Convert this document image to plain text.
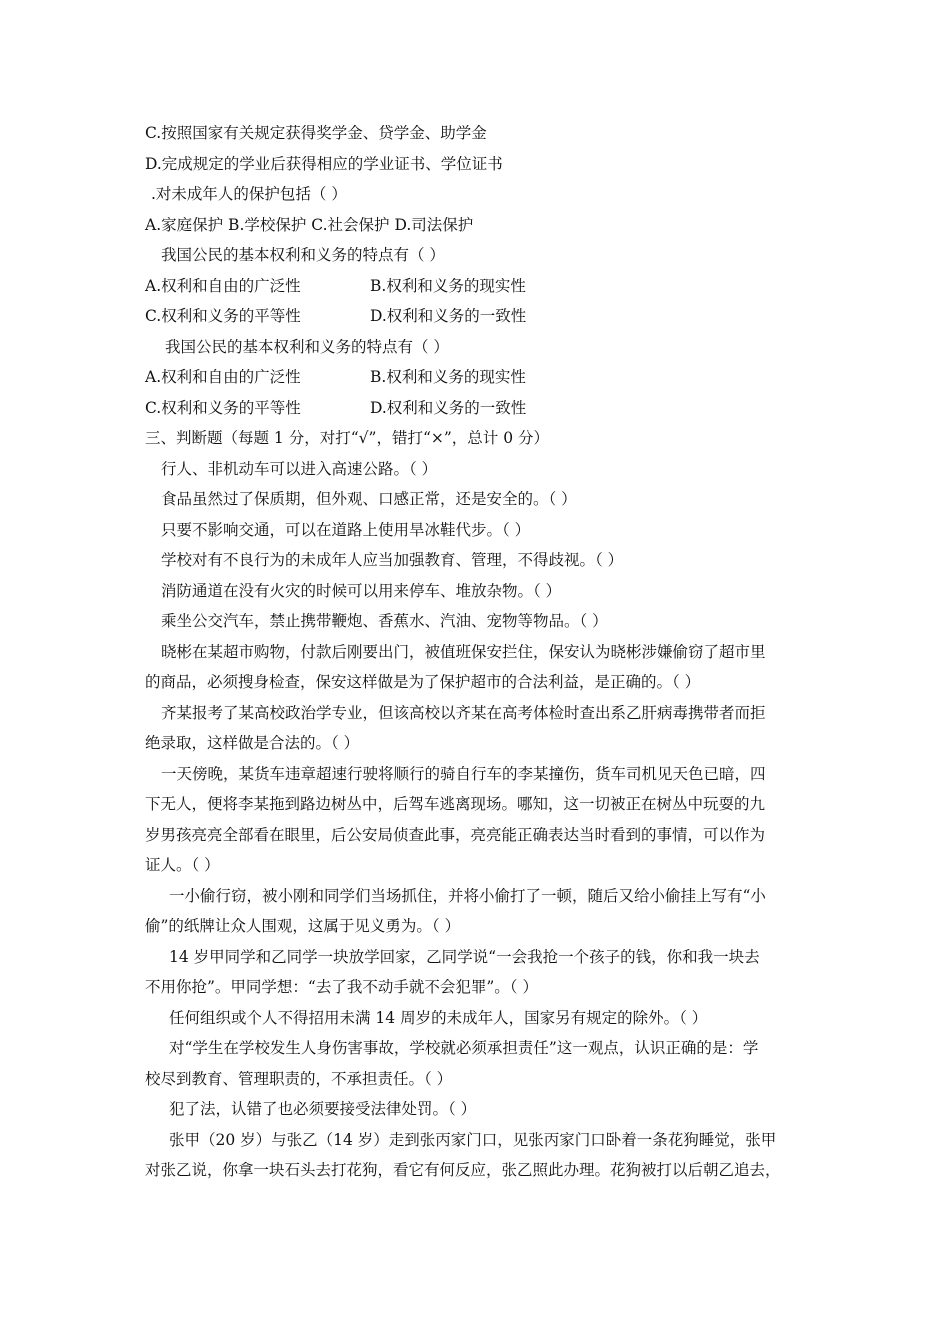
C.按照国家有关规定获得奖学金、贷学金、助学金
D.完成规定的学业后获得相应的学业证书、学位证书
.对未成年人的保护包括（ ）
A.家庭保护 B.学校保护 C.社会保护 D.司法保护
我国公民的基本权利和义务的特点有（ ）
A.权利和自由的广泛性	B.权利和义务的现实性
C.权利和义务的平等性	D.权利和义务的一致性
我国公民的基本权利和义务的特点有（ ）
A.权利和自由的广泛性	B.权利和义务的现实性
C.权利和义务的平等性	D.权利和义务的一致性
三、判断题（每题 1 分，对打“√”，错打“×”，总计 0 分）
行人、非机动车可以进入高速公路。（ ）
食品虽然过了保质期，但外观、口感正常，还是安全的。（ ）
只要不影响交通，可以在道路上使用旱冰鞋代步。（ ）
学校对有不良行为的未成年人应当加强教育、管理，不得歧视。（ ）
消防通道在没有火灾的时候可以用来停车、堆放杂物。（ ）
乘坐公交汽车，禁止携带鞭炮、香蕉水、汽油、宠物等物品。（ ）
晓彬在某超市购物，付款后刚要出门，被值班保安拦住，保安认为晓彬涉嫌偷窃了超市里
的商品，必须搜身检查，保安这样做是为了保护超市的合法利益，是正确的。（ ）
齐某报考了某高校政治学专业，但该高校以齐某在高考体检时查出系乙肝病毒携带者而拒
绝录取，这样做是合法的。（ ）
一天傍晚，某货车违章超速行驶将顺行的骑自行车的李某撞伤，货车司机见天色已暗，四
下无人，便将李某拖到路边树丛中，后驾车逃离现场。哪知，这一切被正在树丛中玩耍的九
岁男孩亮亮全部看在眼里，后公安局侦查此事，亮亮能正确表达当时看到的事情，可以作为
证人。（ ）
一小偷行窃，被小刚和同学们当场抓住，并将小偷打了一顿，随后又给小偷挂上写有“小
偷”的纸牌让众人围观，这属于见义勇为。（ ）
14 岁甲同学和乙同学一块放学回家，乙同学说“一会我抢一个孩子的钱，你和我一块去
不用你抢”。甲同学想：“去了我不动手就不会犯罪”。（ ）
任何组织或个人不得招用未满 14 周岁的未成年人，国家另有规定的除外。（ ）
对“学生在学校发生人身伤害事故，学校就必须承担责任”这一观点，认识正确的是：学
校尽到教育、管理职责的，不承担责任。（ ）
犯了法，认错了也必须要接受法律处罚。（ ）
张甲（20 岁）与张乙（14 岁）走到张丙家门口，见张丙家门口卧着一条花狗睡觉，张甲
对张乙说，你拿一块石头去打花狗，看它有何反应，张乙照此办理。花狗被打以后朝乙追去，
